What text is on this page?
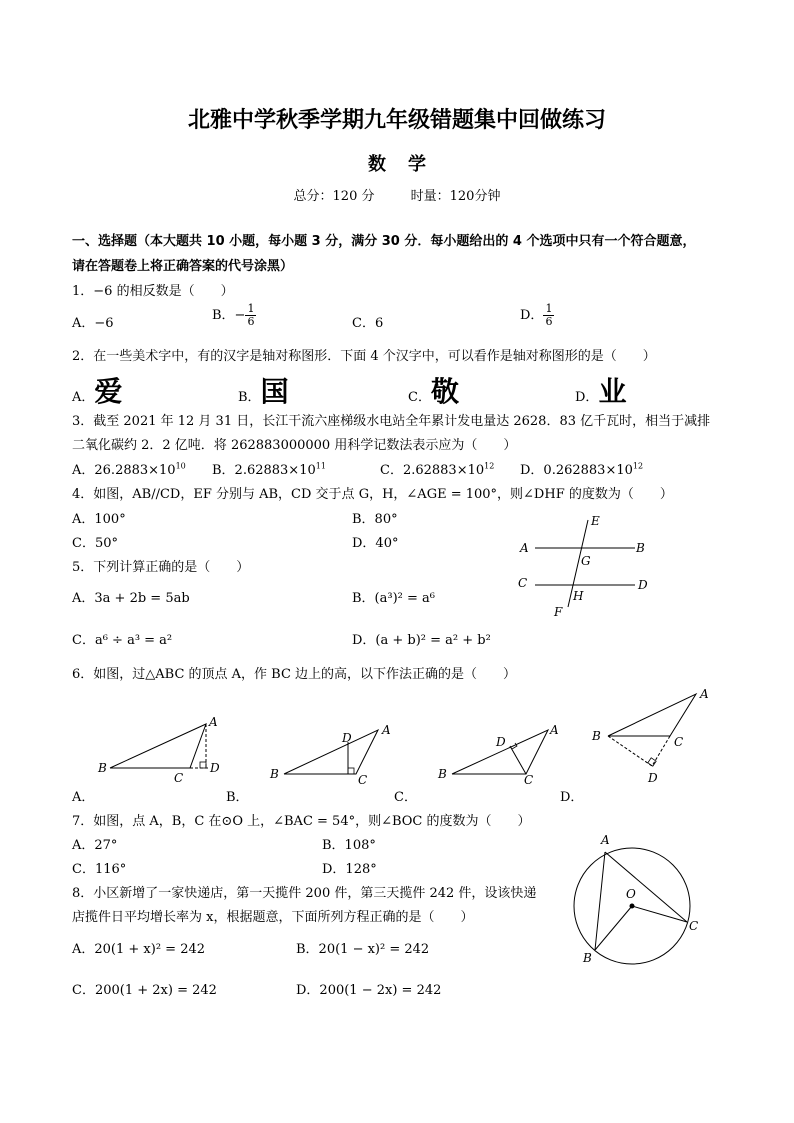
北雅中学秋季学期九年级错题集中回做练习
数学
总分：120 分	时量：120分钟
一、选择题（本大题共 10 小题，每小题 3 分，满分 30 分．每小题给出的 4 个选项中只有一个符合题意，
请在答题卷上将正确答案的代号涂黑）
1．−6 的相反数是（　　）
A．−6
B．− $\frac{1}{6}$	C．6
D． $\frac{1}{6}$
2．在一些美术字中，有的汉字是轴对称图形．下面 4 个汉字中，可以看作是轴对称图形的是（　　）
A．爱	B．国	C．敬	D．业
3．截至 2021 年 12 月 31 日，长江干流六座梯级水电站全年累计发电量达 2628．83 亿千瓦时，相当于减排
二氧化碳约 2．2 亿吨．将 262883000000 用科学记数法表示应为（　　）
A．$26.2883\times 10^{10}$ B．$2.62883\times 10^{11}$	C．$2.62883\times 10^{12}$ D．$0.262883\times 10^{12}$
4．如图，AB//CD，EF 分别与 AB，CD 交于点 G，H，∠AGE = 100°，则∠DHF 的度数为（　　）
A．100°	B．80°
C．50°	D．40°	A	B
C	D
E
F
G
H
5．下列计算正确的是（　　）
A．3a + 2b = 5ab	B．(a³)² = a⁶
C．a⁶ ÷ a³ = a²	D．(a + b)² = a² + b²
6．如图，过△ABC 的顶点 A，作 BC 边上的高，以下作法正确的是（　　）
B
A
C
D
A．
B
A
C
D
B．
B
A
C
D
C．
B
A
C
D
D．
7．如图，点 A，B，C 在⊙O 上，∠BAC = 54°，则∠BOC 的度数为（　　）
A．27°	B．108°
C．116°	D．128°
A
B
C
O
8．小区新增了一家快递店，第一天揽件 200 件，第三天揽件 242 件，设该快递
店揽件日平均增长率为 x，根据题意，下面所列方程正确的是（　　）
A．20(1 + x)² = 242	B．20(1 − x)² = 242
C．200(1 + 2x) = 242	D．200(1 − 2x) = 242
